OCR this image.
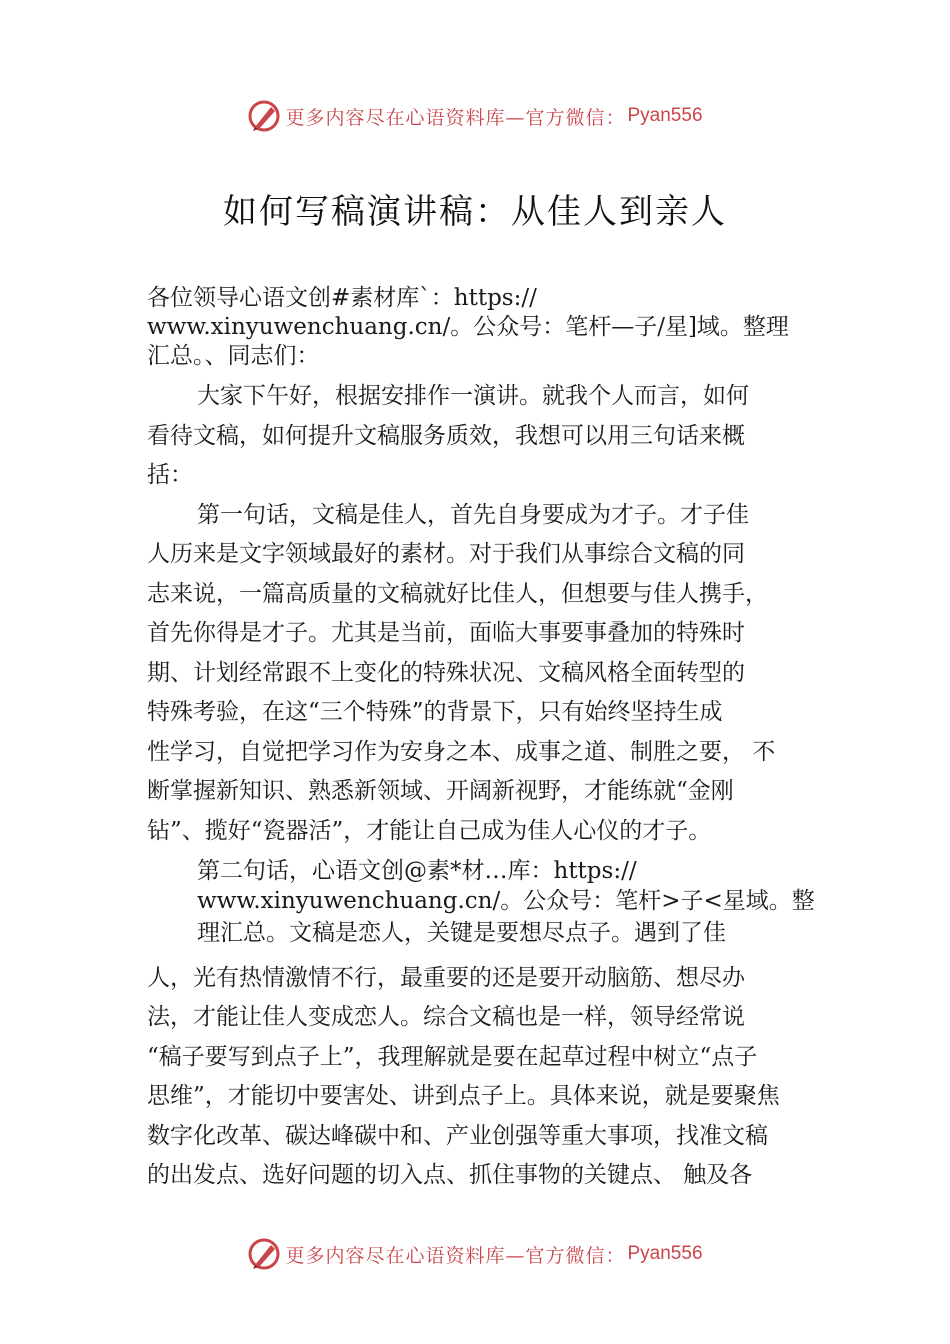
更多内容尽在心语资料库—官方微信： Pyan556
如何写稿演讲稿：从佳人到亲人
各位领导心语文创#素材库`：https://
www.xinyuwenchuang.cn/。公众号：笔杆—子/星]域。整理
汇总。、同志们：
大家下午好，根据安排作一演讲。就我个人而言，如何
看待文稿，如何提升文稿服务质效，我想可以用三句话来概
括：
第一句话，文稿是佳人，首先自身要成为才子。才子佳
人历来是文字领域最好的素材。对于我们从事综合文稿的同
志来说，一篇高质量的文稿就好比佳人，但想要与佳人携手，
首先你得是才子。尤其是当前，面临大事要事叠加的特殊时
期、计划经常跟不上变化的特殊状况、文稿风格全面转型的
特殊考验，在这“三个特殊”的背景下，只有始终坚持生成
性学习，自觉把学习作为安身之本、成事之道、制胜之要， 不
断掌握新知识、熟悉新领域、开阔新视野，才能练就“金刚
钻”、揽好“瓷器活”，才能让自己成为佳人心仪的才子。
第二句话，心语文创@素*材…库：https://
www.xinyuwenchuang.cn/。公众号：笔杆>子<星域。整
理汇总。文稿是恋人，关键是要想尽点子。遇到了佳
人，光有热情激情不行，最重要的还是要开动脑筋、想尽办
法，才能让佳人变成恋人。综合文稿也是一样，领导经常说
“稿子要写到点子上”，我理解就是要在起草过程中树立“点子
思维”，才能切中要害处、讲到点子上。具体来说，就是要聚焦
数字化改革、碳达峰碳中和、产业创强等重大事项，找准文稿
的出发点、选好问题的切入点、抓住事物的关键点、 触及各
更多内容尽在心语资料库—官方微信： Pyan556
